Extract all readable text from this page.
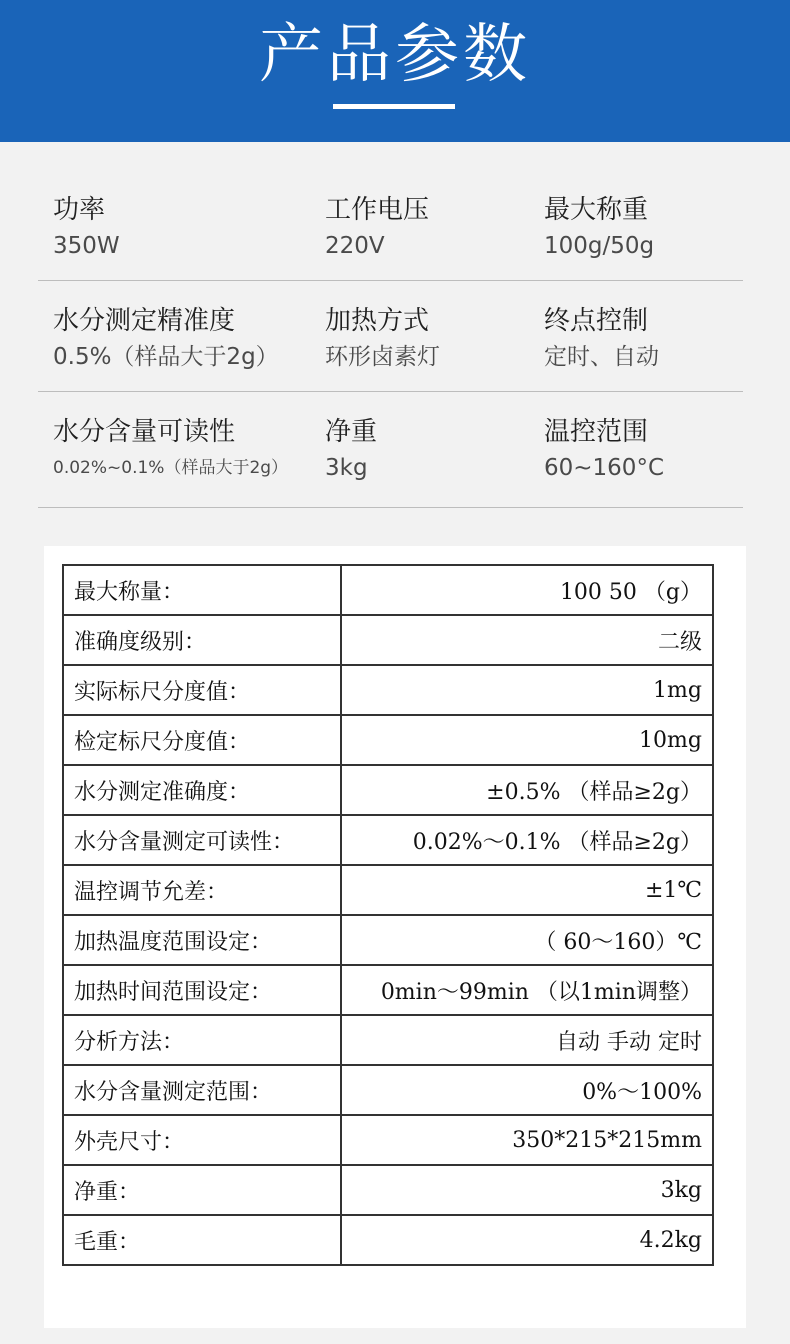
产品参数
功率
350W
工作电压
220V
最大称重
100g/50g
水分测定精准度
0.5%（样品大于2g）
加热方式
环形卤素灯
终点控制
定时、自动
水分含量可读性
0.02%~0.1%（样品大于2g）
净重
3kg
温控范围
60~160°C
最大称量：	100 50 （g）
准确度级别：	二级
实际标尺分度值：	1mg
检定标尺分度值：	10mg
水分测定准确度：	±0.5% （样品≥2g）
水分含量测定可读性：	0.02%～0.1% （样品≥2g）
温控调节允差：	±1℃
加热温度范围设定：	（ 60～160）℃
加热时间范围设定：	0min～99min （以1min调整）
分析方法：	自动 手动 定时
水分含量测定范围：	0%～100%
外壳尺寸：	350*215*215mm
净重：	3kg
毛重：	4.2kg
